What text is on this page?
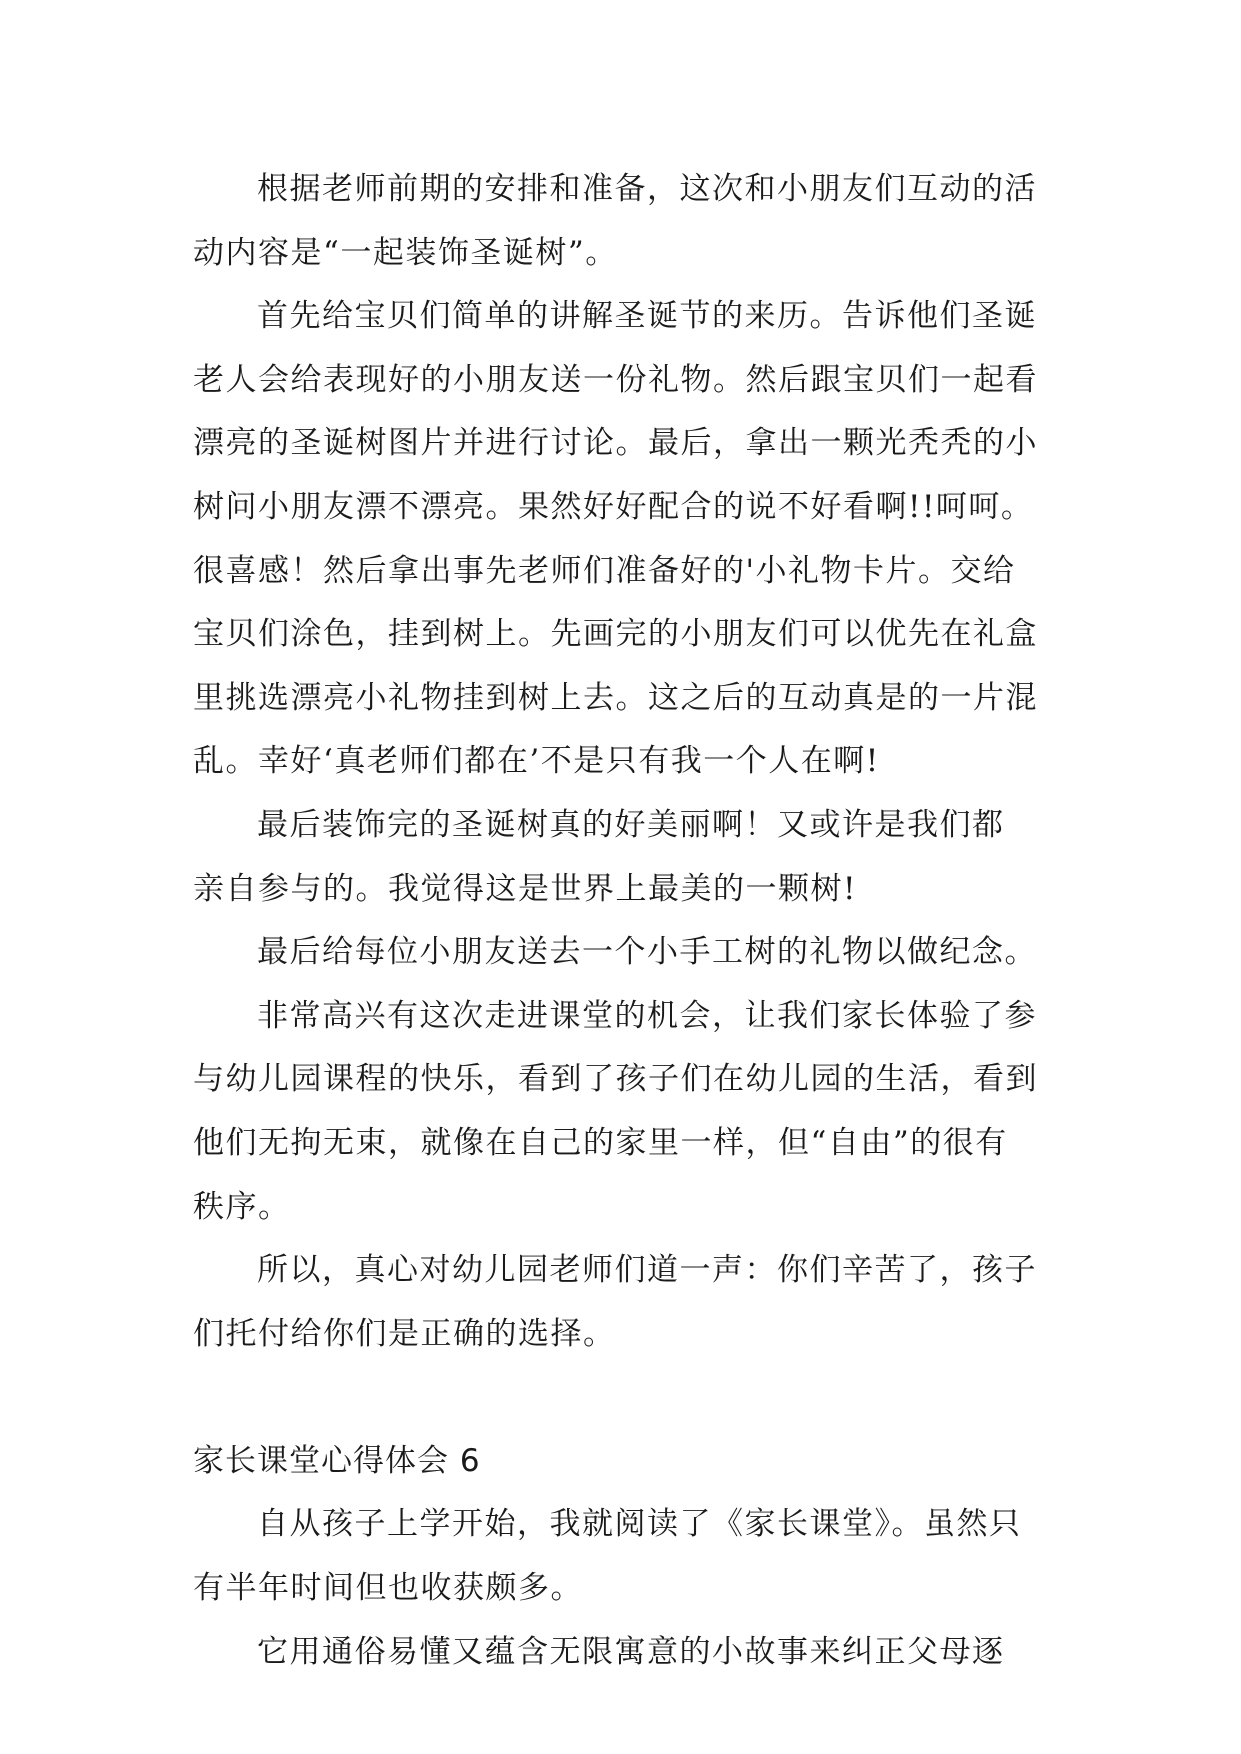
根据老师前期的安排和准备，这次和小朋友们互动的活
动内容是“一起装饰圣诞树”。
首先给宝贝们简单的讲解圣诞节的来历。告诉他们圣诞
老人会给表现好的小朋友送一份礼物。然后跟宝贝们一起看
漂亮的圣诞树图片并进行讨论。最后，拿出一颗光秃秃的小
树问小朋友漂不漂亮。果然好好配合的说不好看啊!!呵呵。
很喜感！然后拿出事先老师们准备好的'小礼物卡片。交给
宝贝们涂色，挂到树上。先画完的小朋友们可以优先在礼盒
里挑选漂亮小礼物挂到树上去。这之后的互动真是的一片混
乱。幸好‘真老师们都在’不是只有我一个人在啊!
最后装饰完的圣诞树真的好美丽啊！又或许是我们都
亲自参与的。我觉得这是世界上最美的一颗树!
最后给每位小朋友送去一个小手工树的礼物以做纪念。
非常高兴有这次走进课堂的机会，让我们家长体验了参
与幼儿园课程的快乐，看到了孩子们在幼儿园的生活，看到
他们无拘无束，就像在自己的家里一样，但“自由”的很有
秩序。
所以，真心对幼儿园老师们道一声：你们辛苦了，孩子
们托付给你们是正确的选择。
家长课堂心得体会 6
自从孩子上学开始，我就阅读了《家长课堂》。虽然只
有半年时间但也收获颇多。
它用通俗易懂又蕴含无限寓意的小故事来纠正父母逐
